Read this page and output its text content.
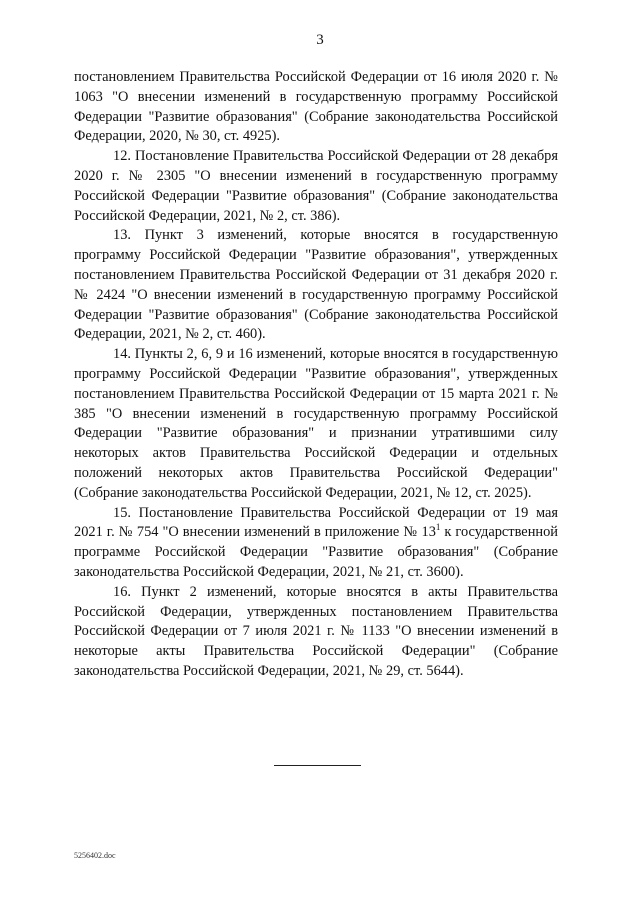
3

постановлением Правительства Российской Федерации от 16 июля 2020 г. № 1063 "О внесении изменений в государственную программу Российской Федерации "Развитие образования" (Собрание законодательства Российской Федерации, 2020, № 30, ст. 4925).

12. Постановление Правительства Российской Федерации от 28 декабря 2020 г. № 2305 "О внесении изменений в государственную программу Российской Федерации "Развитие образования" (Собрание законодательства Российской Федерации, 2021, № 2, ст. 386).

13. Пункт 3 изменений, которые вносятся в государственную программу Российской Федерации "Развитие образования", утвержденных постановлением Правительства Российской Федерации от 31 декабря 2020 г. № 2424 "О внесении изменений в государственную программу Российской Федерации "Развитие образования" (Собрание законодательства Российской Федерации, 2021, № 2, ст. 460).

14. Пункты 2, 6, 9 и 16 изменений, которые вносятся в государственную программу Российской Федерации "Развитие образования", утвержденных постановлением Правительства Российской Федерации от 15 марта 2021 г. № 385 "О внесении изменений в государственную программу Российской Федерации "Развитие образования" и признании утратившими силу некоторых актов Правительства Российской Федерации и отдельных положений некоторых актов Правительства Российской Федерации" (Собрание законодательства Российской Федерации, 2021, № 12, ст. 2025).

15. Постановление Правительства Российской Федерации от 19 мая 2021 г. № 754 "О внесении изменений в приложение № $13^1$ к государственной программе Российской Федерации "Развитие образования" (Собрание законодательства Российской Федерации, 2021, № 21, ст. 3600).

16. Пункт 2 изменений, которые вносятся в акты Правительства Российской Федерации, утвержденных постановлением Правительства Российской Федерации от 7 июля 2021 г. № 1133 "О внесении изменений в некоторые акты Правительства Российской Федерации" (Собрание законодательства Российской Федерации, 2021, № 29, ст. 5644).

5256402.doc
